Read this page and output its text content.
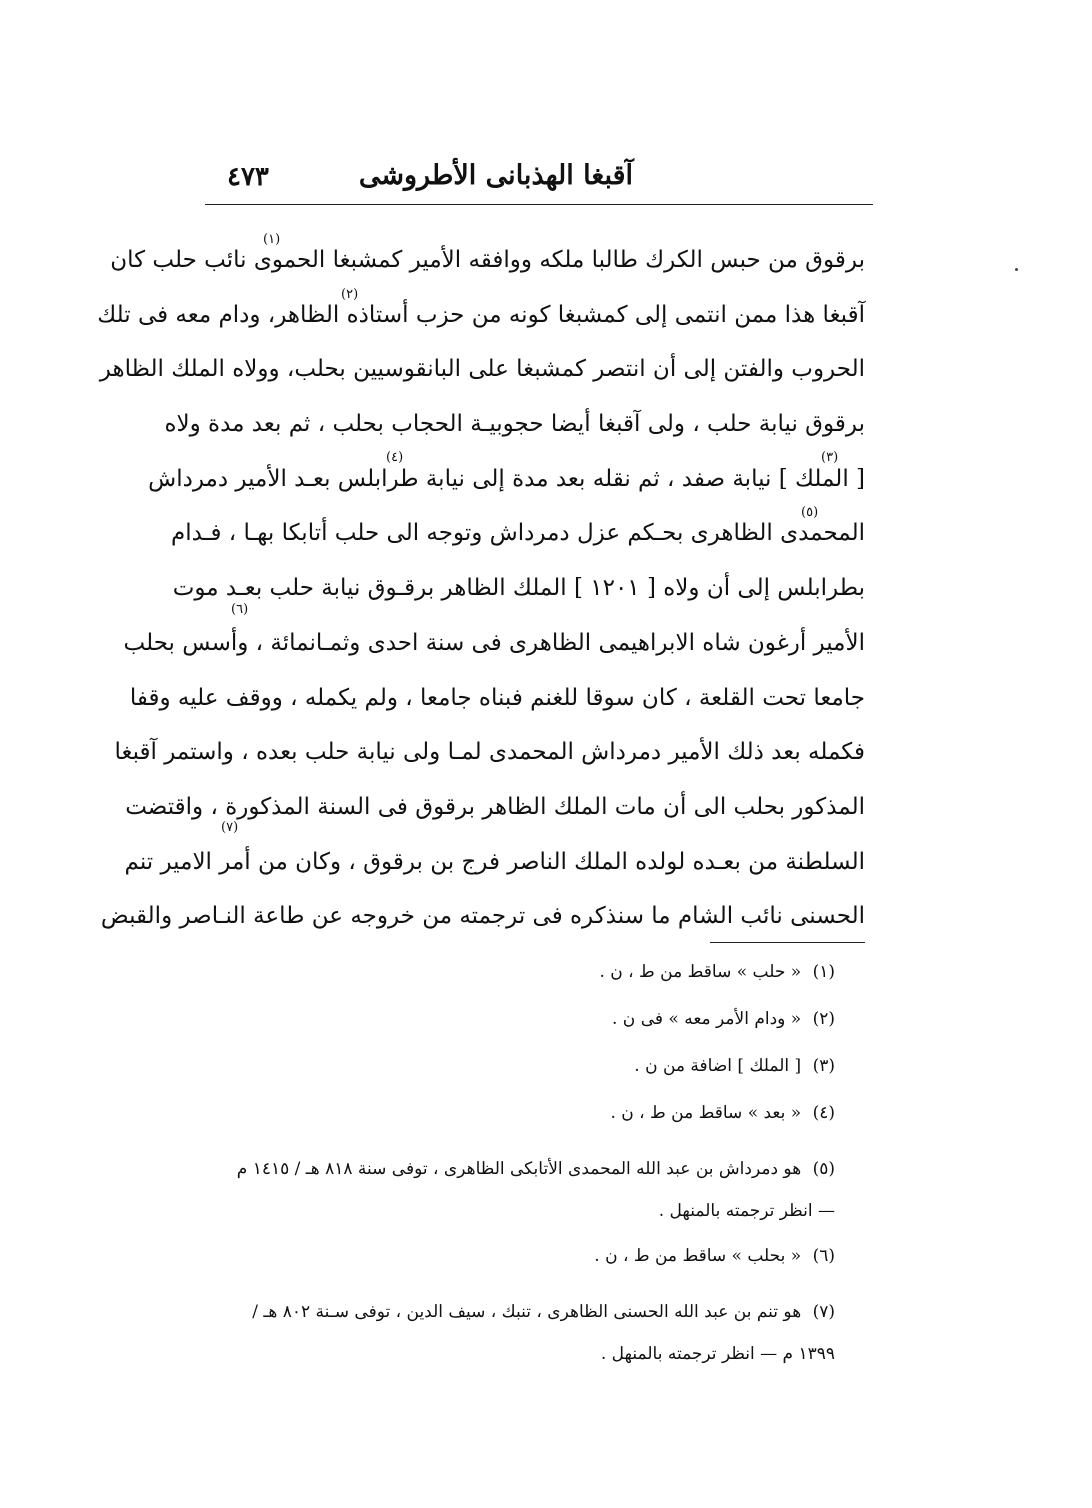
آقبغا الهذبانى الأطروشى
٤٧٣
برقوق من حبس الكرك طالبا ملكه ووافقه الأمير كمشبغا الحموى نائب حلب كان
آقبغا هذا ممن انتمى إلى كمشبغا كونه من حزب أستاذه الظاهر، ودام معه فى تلك
الحروب والفتن إلى أن انتصر كمشبغا على البانقوسيين بحلب، وولاه الملك الظاهر
برقوق نيابة حلب ، ولى آقبغا أيضا حجوبيـة الحجاب بحلب ، ثم بعد مدة ولاه
[ الملك ] نيابة صفد ، ثم نقله بعد مدة إلى نيابة طرابلس بعـد الأمير دمرداش
المحمدى الظاهرى بحـكم عزل دمرداش وتوجه الى حلب أتابكا بهـا ، فـدام
بطرابلس إلى أن ولاه [ ١٢٠١ ] الملك الظاهر برقـوق نيابة حلب بعـد موت
الأمير أرغون شاه الابراهيمى الظاهرى فى سنة احدى وثمـانمائة ، وأسس بحلب
جامعا تحت القلعة ، كان سوقا للغنم فبناه جامعا ، ولم يكمله ، ووقف عليه وقفا
فكمله بعد ذلك الأمير دمرداش المحمدى لمـا ولى نيابة حلب بعده ، واستمر آقبغا
المذكور بحلب الى أن مات الملك الظاهر برقوق فى السنة المذكورة ، واقتضت
السلطنة من بعـده لولده الملك الناصر فرج بن برقوق ، وكان من أمر الامير تنم
الحسنى نائب الشام ما سنذكره فى ترجمته من خروجه عن طاعة النـاصر والقبض
(١)
(٢)
(٣)
(٤)
(٥)
(٦)
(٧)
(١) « حلب » ساقط من ط ، ن .
(٢) « ودام الأمر معه » فى ن .
(٣) [ الملك ] اضافة من ن .
(٤) « بعد » ساقط من ط ، ن .
(٥) هو دمرداش بن عبد الله المحمدى الأتابكى الظاهرى ، توفى سنة ٨١٨ هـ / ١٤١٥ م — انظر ترجمته بالمنهل .
(٦) « بحلب » ساقط من ط ، ن .
(٧) هو تنم بن عبد الله الحسنى الظاهرى ، تنبك ، سيف الدين ، توفى سـنة ٨٠٢ هـ / ١٣٩٩ م — انظر ترجمته بالمنهل .
